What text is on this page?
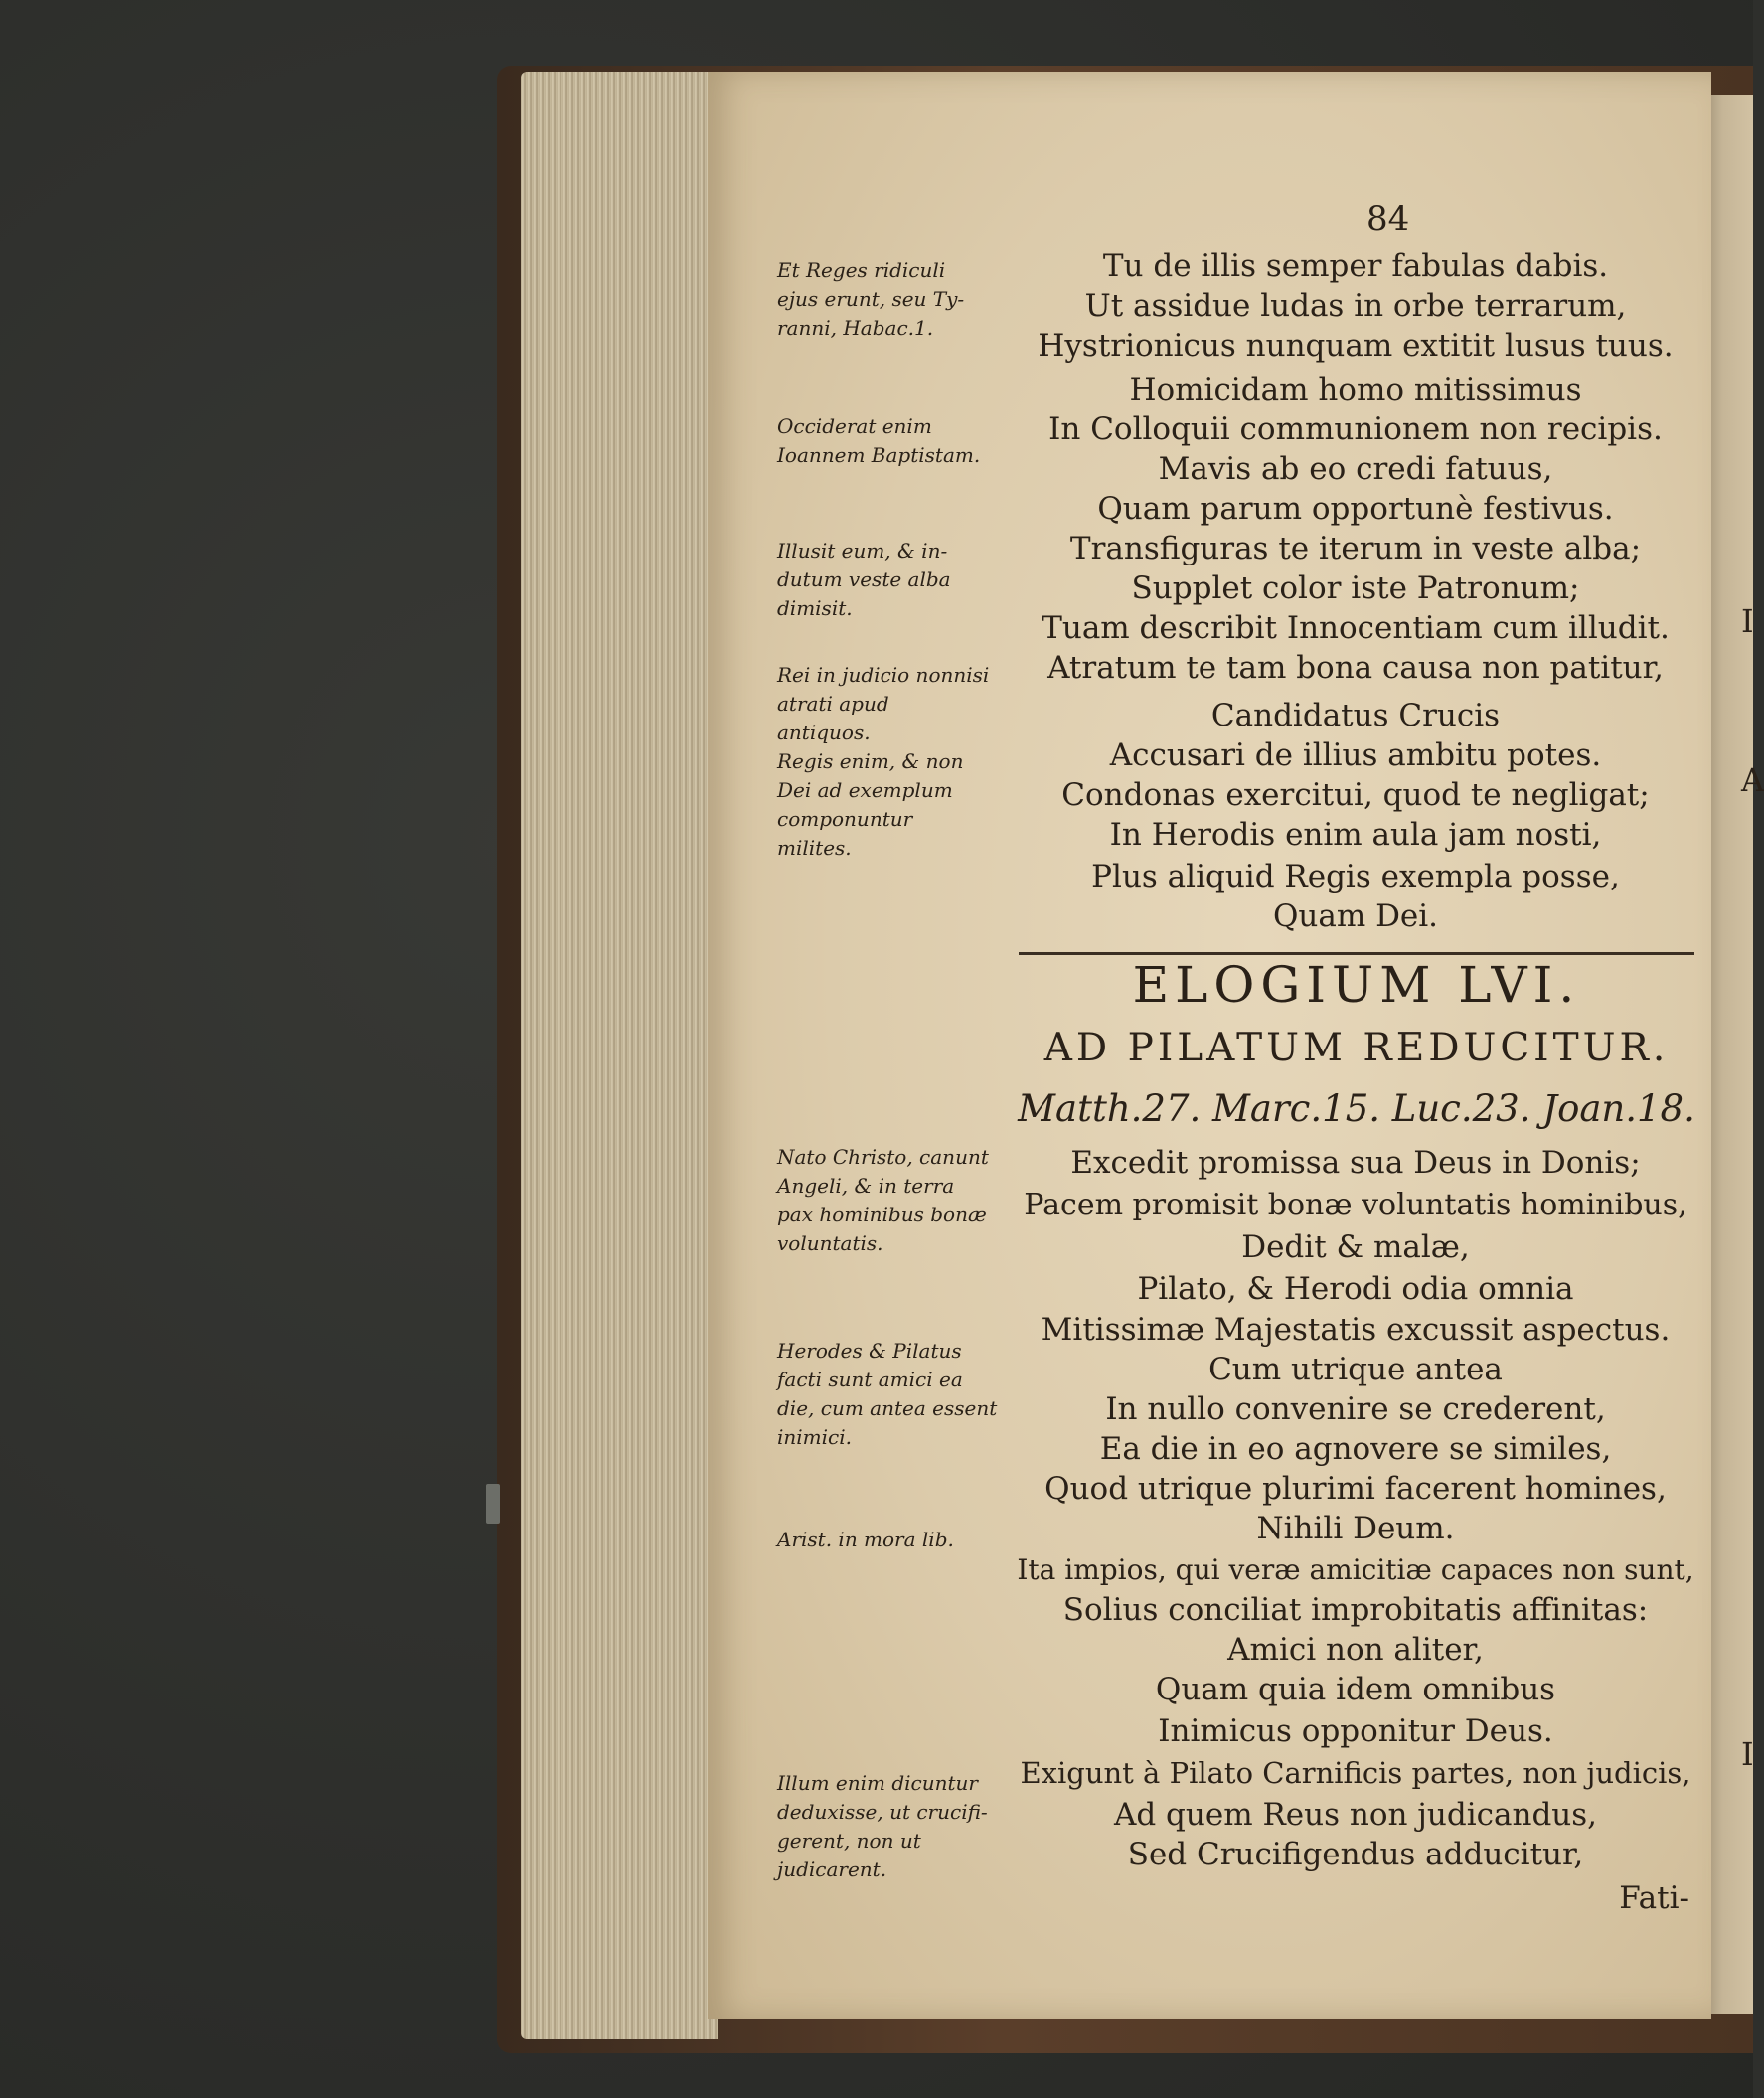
I
A
I
84
Et Reges ridiculi
ejus erunt, seu Ty-
ranni, Habac.1.
Occiderat enim
Ioannem Baptistam.
Illusit eum, & in-
dutum veste alba
dimisit.
Rei in judicio nonnisi
atrati apud
antiquos.
Regis enim, & non
Dei ad exemplum
componuntur
milites.
Nato Christo, canunt
Angeli, & in terra
pax hominibus bonæ
voluntatis.
Herodes & Pilatus
facti sunt amici ea
die, cum antea essent
inimici.
Arist. in mora lib.
Illum enim dicuntur
deduxisse, ut crucifi-
gerent, non ut
judicarent.
Tu de illis semper fabulas dabis.
Ut assidue ludas in orbe terrarum,
Hystrionicus nunquam extitit lusus tuus.
Homicidam homo mitissimus
In Colloquii communionem non recipis.
Mavis ab eo credi fatuus,
Quam parum opportunè festivus.
Transfiguras te iterum in veste alba;
Supplet color iste Patronum;
Tuam describit Innocentiam cum illudit.
Atratum te tam bona causa non patitur,
Candidatus Crucis
Accusari de illius ambitu potes.
Condonas exercitui, quod te negligat;
In Herodis enim aula jam nosti,
Plus aliquid Regis exempla posse,
Quam Dei.
ELOGIUM LVI.
AD PILATUM REDUCITUR.
Matth.27. Marc.15. Luc.23. Joan.18.
Excedit promissa sua Deus in Donis;
Pacem promisit bonæ voluntatis hominibus,
Dedit & malæ,
Pilato, & Herodi odia omnia
Mitissimæ Majestatis excussit aspectus.
Cum utrique antea
In nullo convenire se crederent,
Ea die in eo agnovere se similes,
Quod utrique plurimi facerent homines,
Nihili Deum.
Ita impios, qui veræ amicitiæ capaces non sunt,
Solius conciliat improbitatis affinitas:
Amici non aliter,
Quam quia idem omnibus
Inimicus opponitur Deus.
Exigunt à Pilato Carnificis partes, non judicis,
Ad quem Reus non judicandus,
Sed Crucifigendus adducitur,
Fati-
